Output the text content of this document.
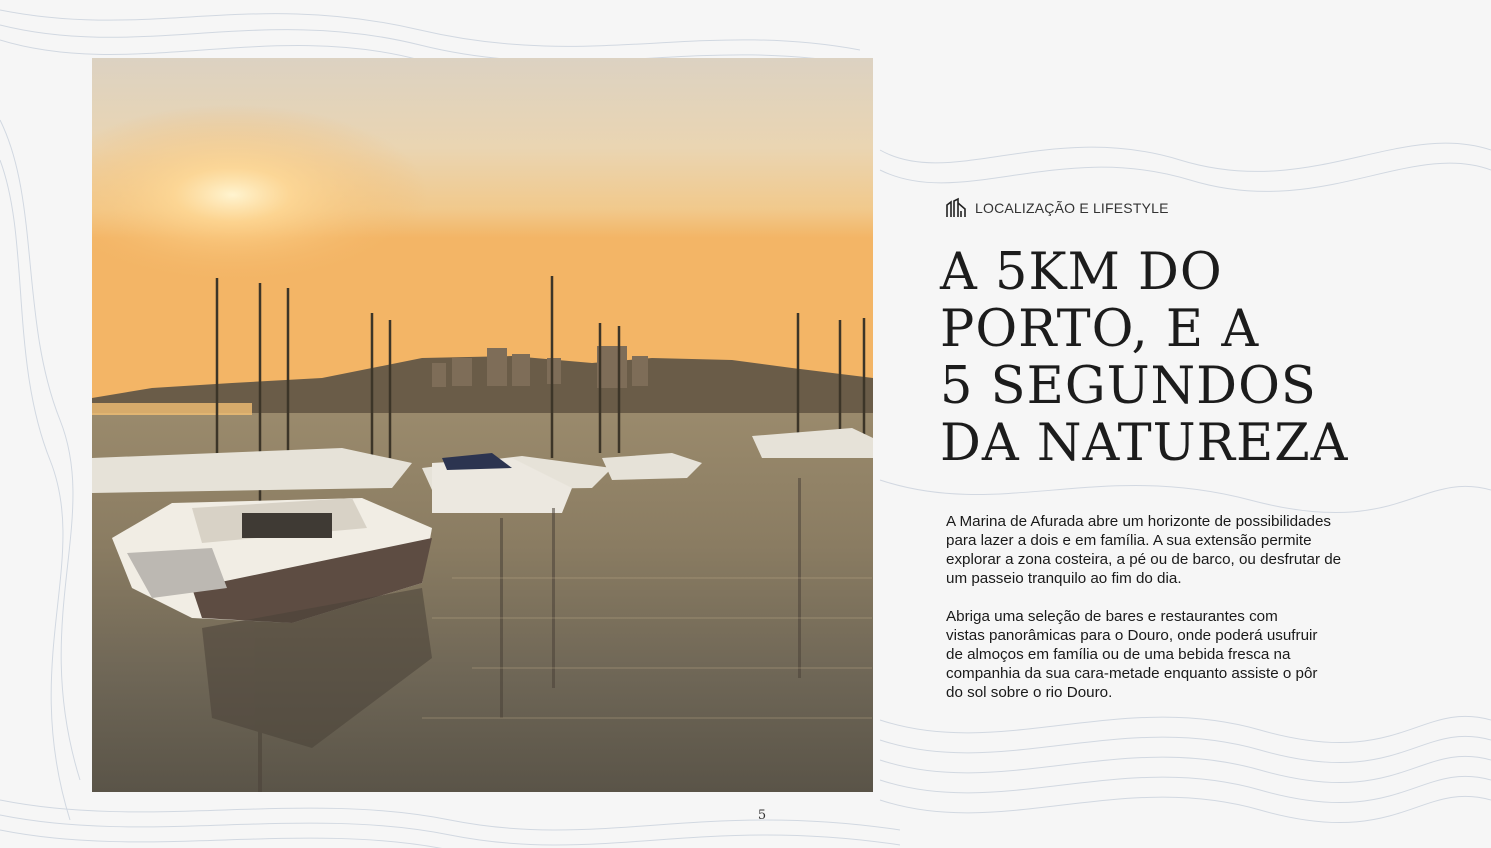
LOCALIZAÇÃO E LIFESTYLE
A 5KM DO
PORTO, E A
5 SEGUNDOS
DA NATUREZA
A Marina de Afurada abre um horizonte de possibilidades
para lazer a dois e em família. A sua extensão permite
explorar a zona costeira, a pé ou de barco, ou desfrutar de
um passeio tranquilo ao fim do dia.
Abriga uma seleção de bares e restaurantes com
vistas panorâmicas para o Douro, onde poderá usufruir
de almoços em família ou de uma bebida fresca na
companhia da sua cara-metade enquanto assiste o pôr
do sol sobre o rio Douro.
5
